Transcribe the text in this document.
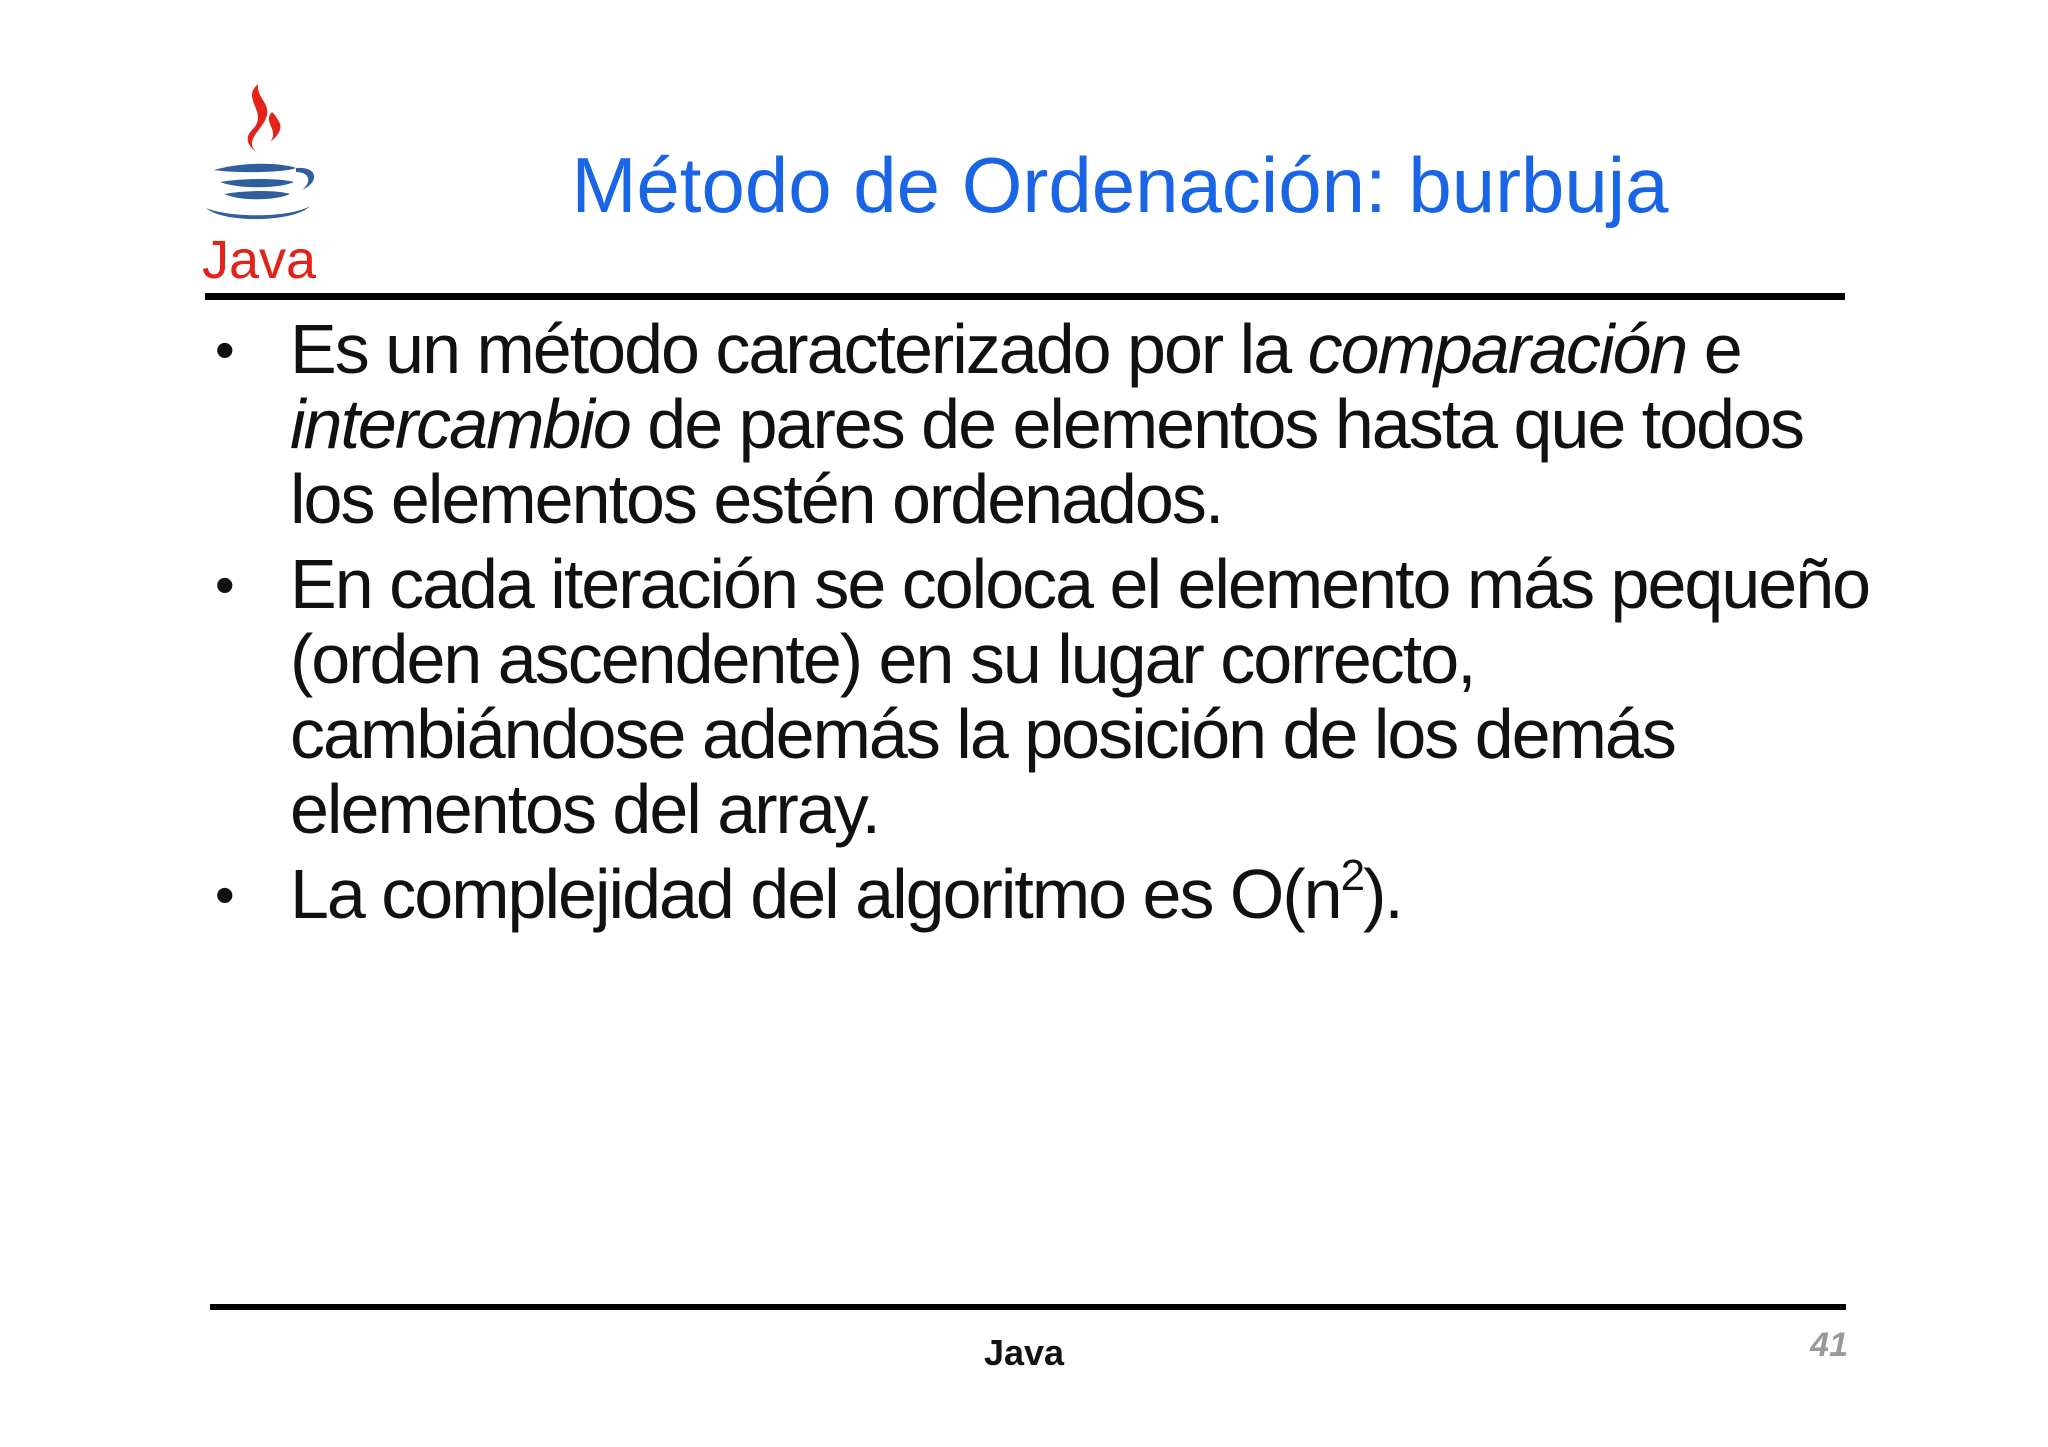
Java
Método de Ordenación: burbuja
• Es un método caracterizado por la comparación e
intercambio de pares de elementos hasta que todos
los elementos estén ordenados.
• En cada iteración se coloca el elemento más pequeño
(orden ascendente) en su lugar correcto,
cambiándose además la posición de los demás
elementos del array.
• La complejidad del algoritmo es $O(n^2)$.
Java	41
